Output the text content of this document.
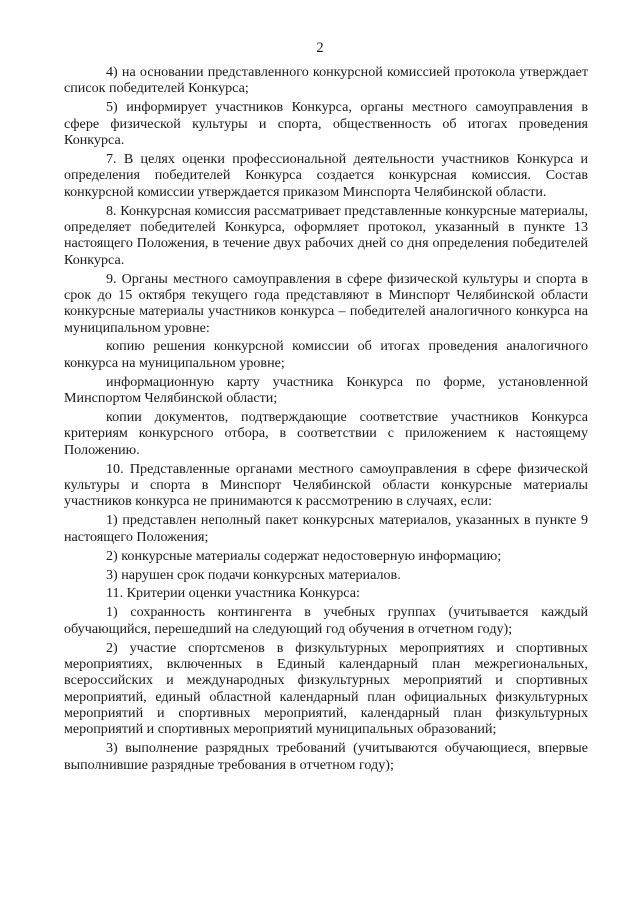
2

4) на основании представленного конкурсной комиссией протокола утверждает список победителей Конкурса;

5) информирует участников Конкурса, органы местного самоуправления в сфере физической культуры и спорта, общественность об итогах проведения Конкурса.

7. В целях оценки профессиональной деятельности участников Конкурса и определения победителей Конкурса создается конкурсная комиссия. Состав конкурсной комиссии утверждается приказом Минспорта Челябинской области.

8. Конкурсная комиссия рассматривает представленные конкурсные материалы, определяет победителей Конкурса, оформляет протокол, указанный в пункте 13 настоящего Положения, в течение двух рабочих дней со дня определения победителей Конкурса.

9. Органы местного самоуправления в сфере физической культуры и спорта в срок до 15 октября текущего года представляют в Минспорт Челябинской области конкурсные материалы участников конкурса – победителей аналогичного конкурса на муниципальном уровне:

копию решения конкурсной комиссии об итогах проведения аналогичного конкурса на муниципальном уровне;

информационную карту участника Конкурса по форме, установленной Минспортом Челябинской области;

копии документов, подтверждающие соответствие участников Конкурса критериям конкурсного отбора, в соответствии с приложением к настоящему Положению.

10. Представленные органами местного самоуправления в сфере физической культуры и спорта в Минспорт Челябинской области конкурсные материалы участников конкурса не принимаются к рассмотрению в случаях, если:

1) представлен неполный пакет конкурсных материалов, указанных в пункте 9 настоящего Положения;

2) конкурсные материалы содержат недостоверную информацию;

3) нарушен срок подачи конкурсных материалов.

11. Критерии оценки участника Конкурса:

1) сохранность контингента в учебных группах (учитывается каждый обучающийся, перешедший на следующий год обучения в отчетном году);

2) участие спортсменов в физкультурных мероприятиях и спортивных мероприятиях, включенных в Единый календарный план межрегиональных, всероссийских и международных физкультурных мероприятий и спортивных мероприятий, единый областной календарный план официальных физкультурных мероприятий и спортивных мероприятий, календарный план физкультурных мероприятий и спортивных мероприятий муниципальных образований;

3) выполнение разрядных требований (учитываются обучающиеся, впервые выполнившие разрядные требования в отчетном году);
